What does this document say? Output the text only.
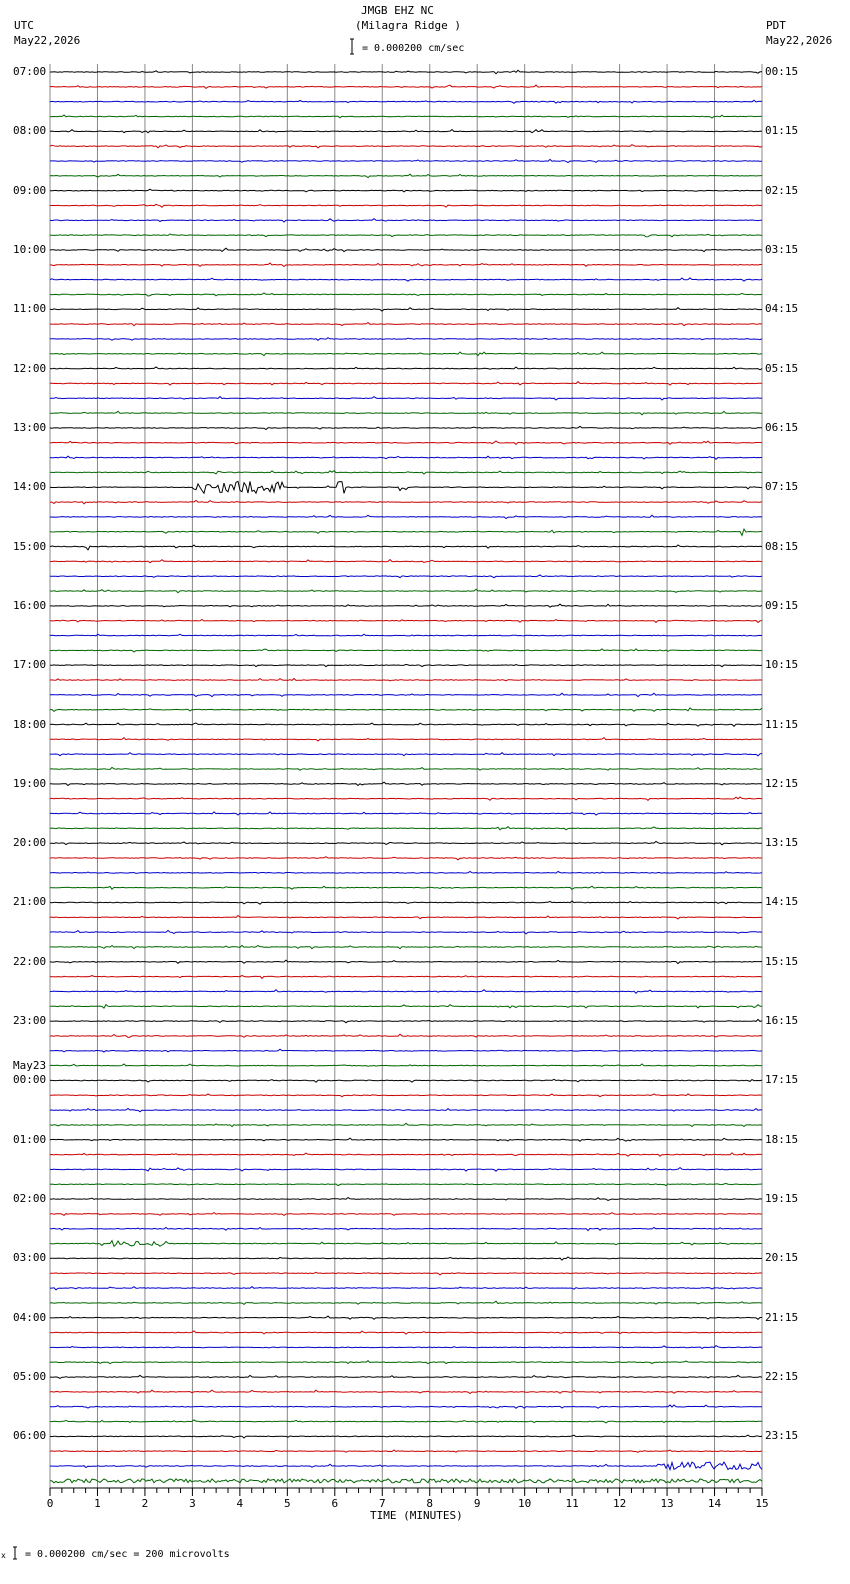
0	1	2	3	4	5	6	7	8	9	10	11	12	13	14	15
JMGB EHZ NC
(Milagra Ridge )
= 0.000200 cm/sec
UTC
May22,2026
PDT
May22,2026
07:00
08:00
09:00
10:00
11:00
12:00
13:00
14:00
15:00
16:00
17:00
18:00
19:00
20:00
21:00
22:00
23:00
00:00
May23
01:00
02:00
03:00
04:00
05:00
06:00
00:15
01:15
02:15
03:15
04:15
05:15
06:15
07:15
08:15
09:15
10:15
11:15
12:15
13:15
14:15
15:15
16:15
17:15
18:15
19:15
20:15
21:15
22:15
23:15
TIME (MINUTES)
x = 0.000200 cm/sec = 200 microvolts
